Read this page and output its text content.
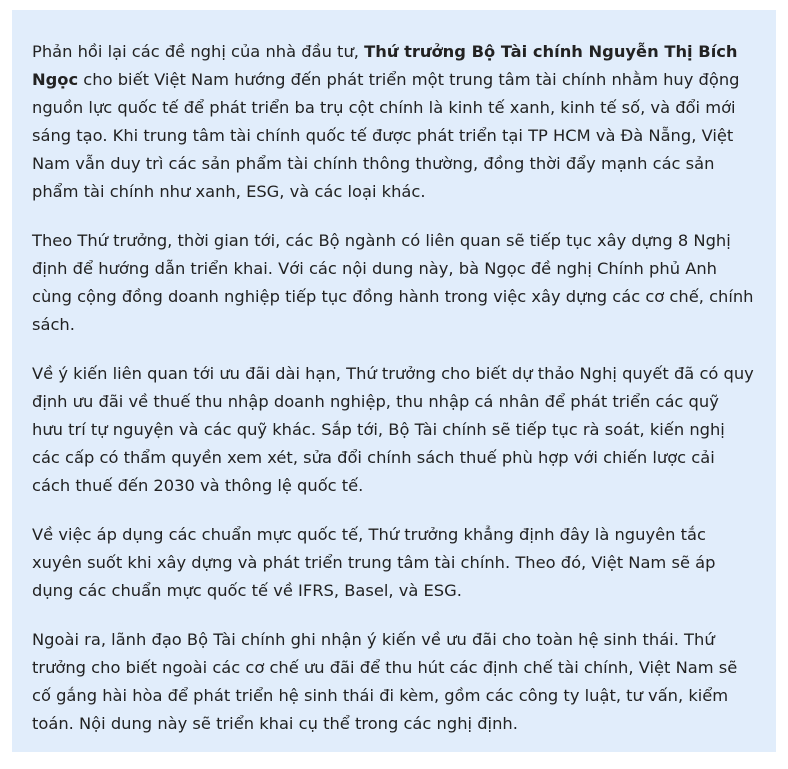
Phản hồi lại các đề nghị của nhà đầu tư, Thứ trưởng Bộ Tài chính Nguyễn Thị Bích Ngọc cho biết Việt Nam hướng đến phát triển một trung tâm tài chính nhằm huy động nguồn lực quốc tế để phát triển ba trụ cột chính là kinh tế xanh, kinh tế số, và đổi mới sáng tạo. Khi trung tâm tài chính quốc tế được phát triển tại TP HCM và Đà Nẵng, Việt Nam vẫn duy trì các sản phẩm tài chính thông thường, đồng thời đẩy mạnh các sản phẩm tài chính như xanh, ESG, và các loại khác.

Theo Thứ trưởng, thời gian tới, các Bộ ngành có liên quan sẽ tiếp tục xây dựng 8 Nghị định để hướng dẫn triển khai. Với các nội dung này, bà Ngọc đề nghị Chính phủ Anh cùng cộng đồng doanh nghiệp tiếp tục đồng hành trong việc xây dựng các cơ chế, chính sách.

Về ý kiến liên quan tới ưu đãi dài hạn, Thứ trưởng cho biết dự thảo Nghị quyết đã có quy định ưu đãi về thuế thu nhập doanh nghiệp, thu nhập cá nhân để phát triển các quỹ hưu trí tự nguyện và các quỹ khác. Sắp tới, Bộ Tài chính sẽ tiếp tục rà soát, kiến nghị các cấp có thẩm quyền xem xét, sửa đổi chính sách thuế phù hợp với chiến lược cải cách thuế đến 2030 và thông lệ quốc tế.

Về việc áp dụng các chuẩn mực quốc tế, Thứ trưởng khẳng định đây là nguyên tắc xuyên suốt khi xây dựng và phát triển trung tâm tài chính. Theo đó, Việt Nam sẽ áp dụng các chuẩn mực quốc tế về IFRS, Basel, và ESG.

Ngoài ra, lãnh đạo Bộ Tài chính ghi nhận ý kiến về ưu đãi cho toàn hệ sinh thái. Thứ trưởng cho biết ngoài các cơ chế ưu đãi để thu hút các định chế tài chính, Việt Nam sẽ cố gắng hài hòa để phát triển hệ sinh thái đi kèm, gồm các công ty luật, tư vấn, kiểm toán. Nội dung này sẽ triển khai cụ thể trong các nghị định.
